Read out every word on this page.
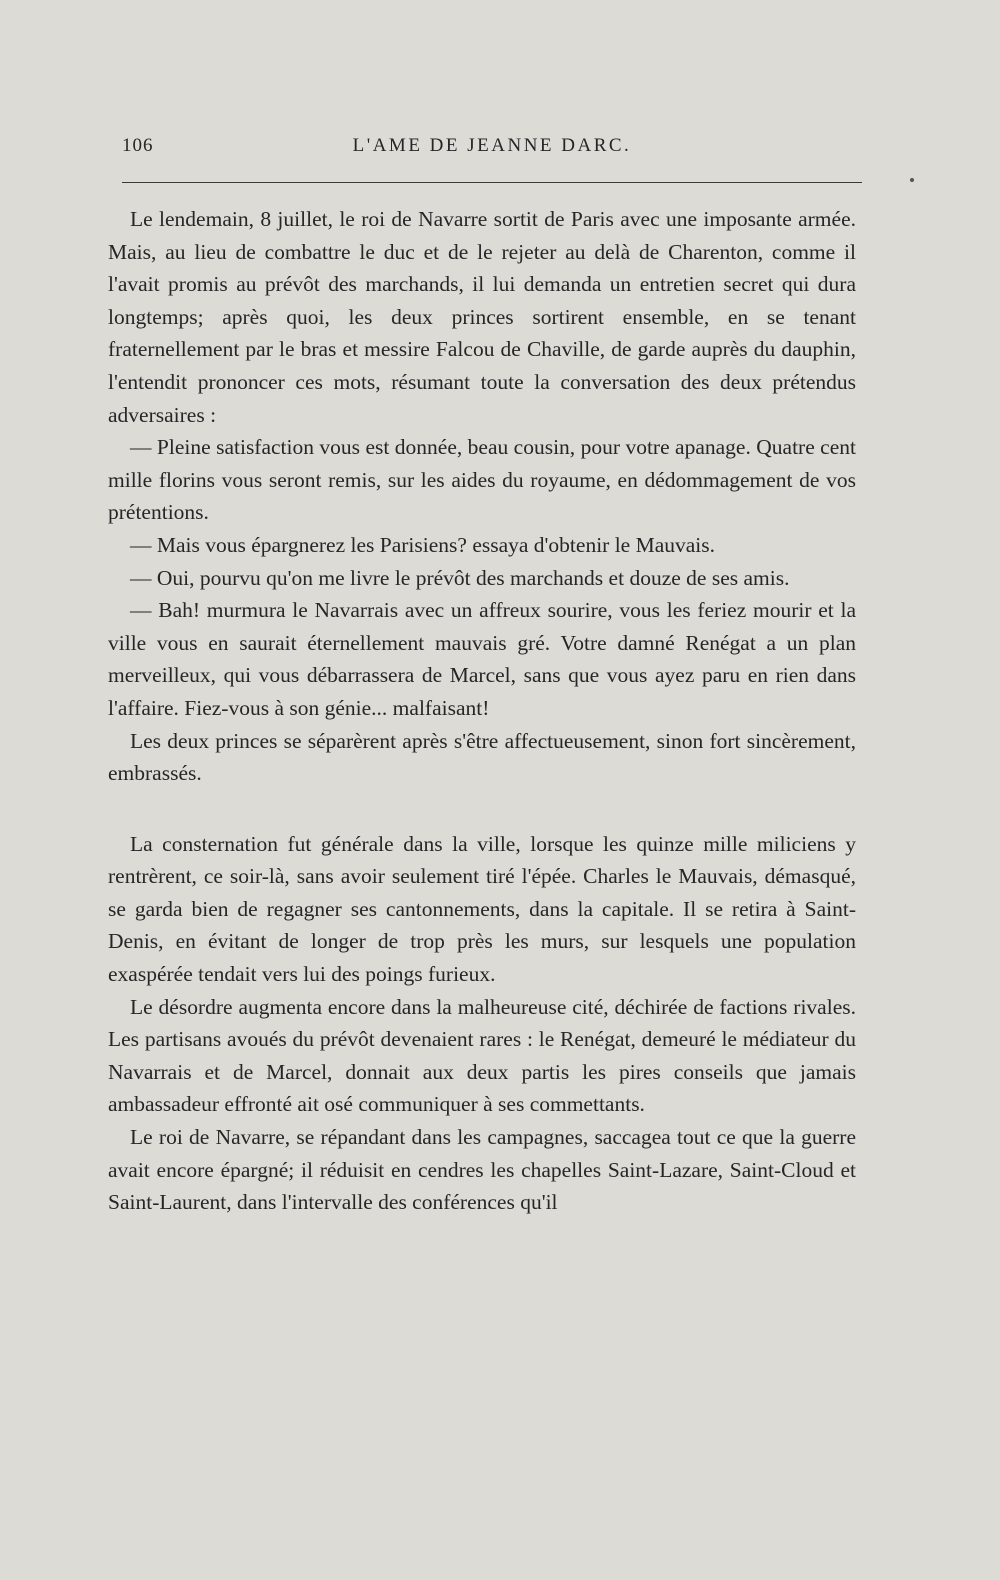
106	L'AME DE JEANNE DARC.

Le lendemain, 8 juillet, le roi de Navarre sortit de Paris avec une imposante armée. Mais, au lieu de combattre le duc et de le rejeter au delà de Charenton, comme il l'avait promis au prévôt des marchands, il lui demanda un entretien secret qui dura longtemps; après quoi, les deux princes sortirent ensemble, en se tenant fraternellement par le bras et messire Falcou de Chaville, de garde auprès du dauphin, l'entendit prononcer ces mots, résumant toute la conversation des deux prétendus adversaires :

— Pleine satisfaction vous est donnée, beau cousin, pour votre apanage. Quatre cent mille florins vous seront remis, sur les aides du royaume, en dédommagement de vos prétentions.

— Mais vous épargnerez les Parisiens? essaya d'obtenir le Mauvais.

— Oui, pourvu qu'on me livre le prévôt des marchands et douze de ses amis.

— Bah! murmura le Navarrais avec un affreux sourire, vous les feriez mourir et la ville vous en saurait éternellement mauvais gré. Votre damné Renégat a un plan merveilleux, qui vous débarrassera de Marcel, sans que vous ayez paru en rien dans l'affaire. Fiez-vous à son génie... malfaisant!

Les deux princes se séparèrent après s'être affectueusement, sinon fort sincèrement, embrassés.

La consternation fut générale dans la ville, lorsque les quinze mille miliciens y rentrèrent, ce soir-là, sans avoir seulement tiré l'épée. Charles le Mauvais, démasqué, se garda bien de regagner ses cantonnements, dans la capitale. Il se retira à Saint-Denis, en évitant de longer de trop près les murs, sur lesquels une population exaspérée tendait vers lui des poings furieux.

Le désordre augmenta encore dans la malheureuse cité, déchirée de factions rivales. Les partisans avoués du prévôt devenaient rares : le Renégat, demeuré le médiateur du Navarrais et de Marcel, donnait aux deux partis les pires conseils que jamais ambassadeur effronté ait osé communiquer à ses commettants.

Le roi de Navarre, se répandant dans les campagnes, saccagea tout ce que la guerre avait encore épargné; il réduisit en cendres les chapelles Saint-Lazare, Saint-Cloud et Saint-Laurent, dans l'intervalle des conférences qu'il
